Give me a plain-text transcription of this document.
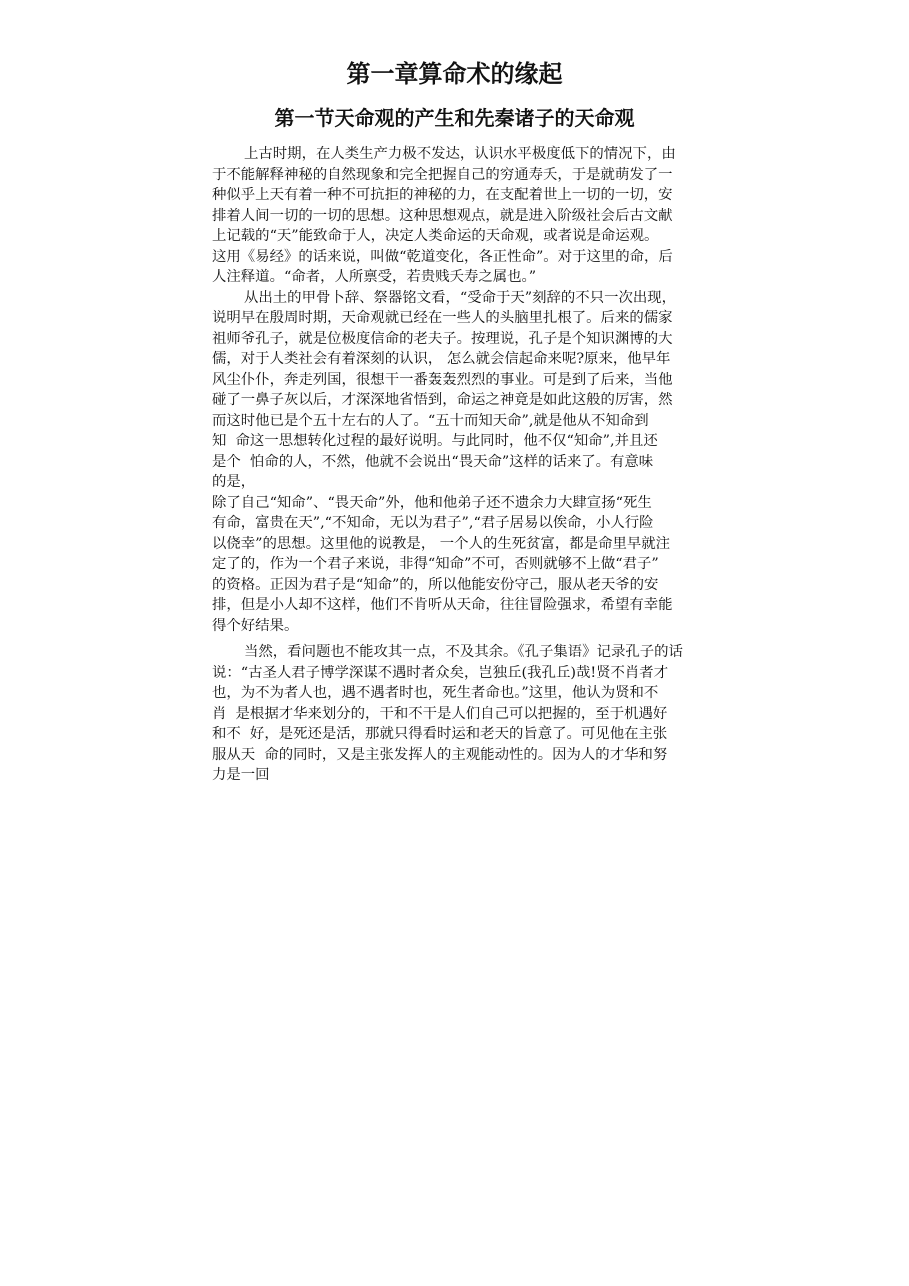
第一章算命术的缘起
第一节天命观的产生和先秦诸子的天命观
上古时期，在人类生产力极不发达，认识水平极度低下的情况下，由
于不能解释神秘的自然现象和完全把握自己的穷通寿夭，于是就萌发了一
种似乎上天有着一种不可抗拒的神秘的力，在支配着世上一切的一切，安
排着人间一切的一切的思想。这种思想观点，就是进入阶级社会后古文献
上记载的“天”能致命于人，决定人类命运的天命观，或者说是命运观。
这用《易经》的话来说，叫做“乾道变化，各正性命”。对于这里的命，后
人注释道。“命者，人所禀受，若贵贱夭寿之属也。”
从出土的甲骨卜辞、祭器铭文看，“受命于天”刻辞的不只一次出现，
说明早在殷周时期，天命观就已经在一些人的头脑里扎根了。后来的儒家
祖师爷孔子，就是位极度信命的老夫子。按理说，孔子是个知识渊博的大
儒，对于人类社会有着深刻的认识， 怎么就会信起命来呢?原来，他早年
风尘仆仆，奔走列国，很想干一番轰轰烈烈的事业。可是到了后来，当他
碰了一鼻子灰以后，才深深地省悟到，命运之神竟是如此这般的厉害，然
而这时他已是个五十左右的人了。“五十而知天命”,就是他从不知命到
知  命这一思想转化过程的最好说明。与此同时，他不仅“知命”,并且还
是个  怕命的人，不然，他就不会说出“畏天命”这样的话来了。有意味
的是，
除了自己“知命”、“畏天命”外，他和他弟子还不遗余力大肆宣扬“死生
有命，富贵在天”,“不知命，无以为君子”,“君子居易以俟命，小人行险
以侥幸”的思想。这里他的说教是， 一个人的生死贫富，都是命里早就注
定了的，作为一个君子来说，非得“知命”不可，否则就够不上做“君子”
的资格。正因为君子是“知命”的，所以他能安份守己，服从老天爷的安
排，但是小人却不这样，他们不肯听从天命，往往冒险强求，希望有幸能
得个好结果。
当然，看问题也不能攻其一点，不及其余。《孔子集语》记录孔子的话
说：“古圣人君子博学深谋不遇时者众矣，岂独丘(我孔丘)哉!贤不肖者才
也，为不为者人也，遇不遇者时也，死生者命也。”这里，他认为贤和不
肖  是根据才华来划分的，干和不干是人们自己可以把握的，至于机遇好
和不  好，是死还是活，那就只得看时运和老天的旨意了。可见他在主张
服从天  命的同时，又是主张发挥人的主观能动性的。因为人的才华和努
力是一回
